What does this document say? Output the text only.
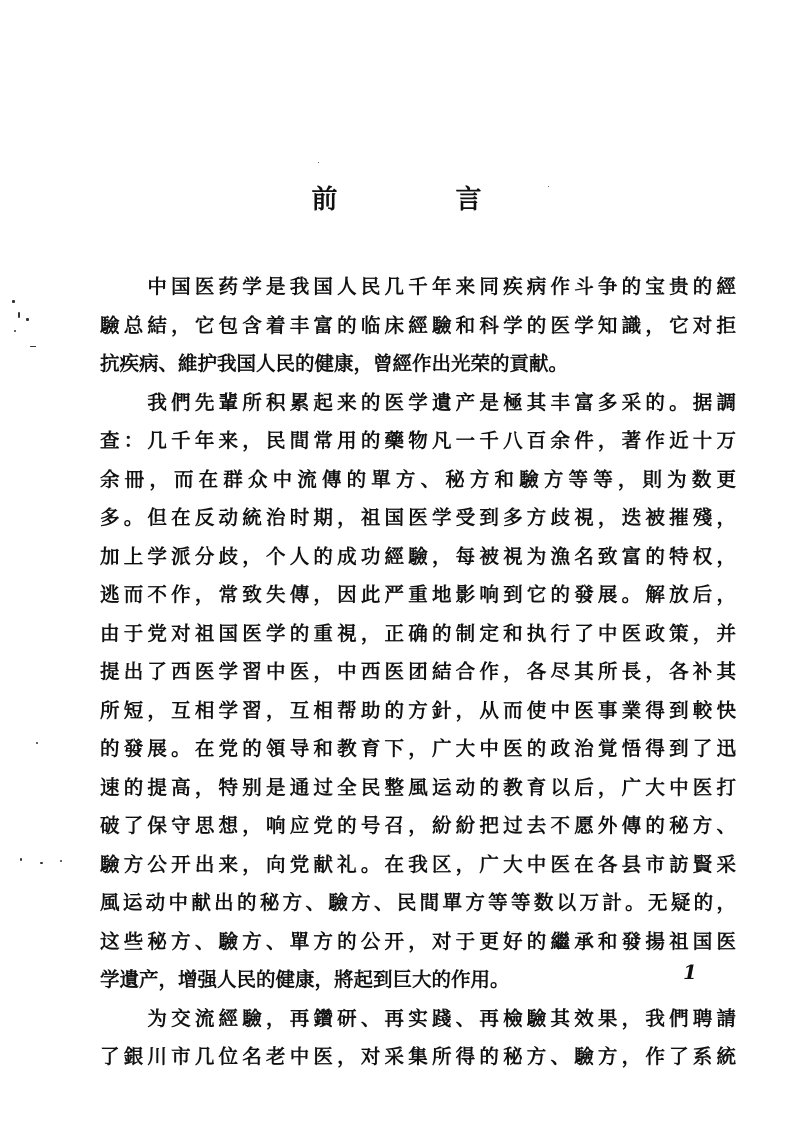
前　言
　　中国医药学是我国人民几千年来同疾病作斗争的宝贵的經
驗总結，它包含着丰富的临床經驗和科学的医学知識，它对拒
抗疾病、維护我国人民的健康，曾經作出光荣的貢献。
　　我們先輩所积累起来的医学遺产是極其丰富多采的。据調
查：几千年来，民間常用的藥物凡一千八百余件，著作近十万
余冊，而在群众中流傳的單方、秘方和驗方等等，則为数更
多。但在反动統治时期，祖国医学受到多方歧視，迭被摧殘，
加上学派分歧，个人的成功經驗，每被視为漁名致富的特权，
逃而不作，常致失傳，因此严重地影响到它的發展。解放后，
由于党对祖国医学的重視，正确的制定和执行了中医政策，并
提出了西医学習中医，中西医团結合作，各尽其所長，各补其
所短，互相学習，互相帮助的方針，从而使中医事業得到較快
的發展。在党的領导和教育下，广大中医的政治覚悟得到了迅
速的提高，特别是通过全民整風运动的教育以后，广大中医打
破了保守思想，响应党的号召，紛紛把过去不愿外傳的秘方、
驗方公开出来，向党献礼。在我区，广大中医在各县市訪賢采
風运动中献出的秘方、驗方、民間單方等等数以万計。无疑的，
这些秘方、驗方、單方的公开，对于更好的繼承和發揚祖国医
学遺产，增强人民的健康，將起到巨大的作用。
　　为交流經驗，再鑽研、再实踐、再檢驗其效果，我們聘請
了銀川市几位名老中医，对采集所得的秘方、驗方，作了系統
1
